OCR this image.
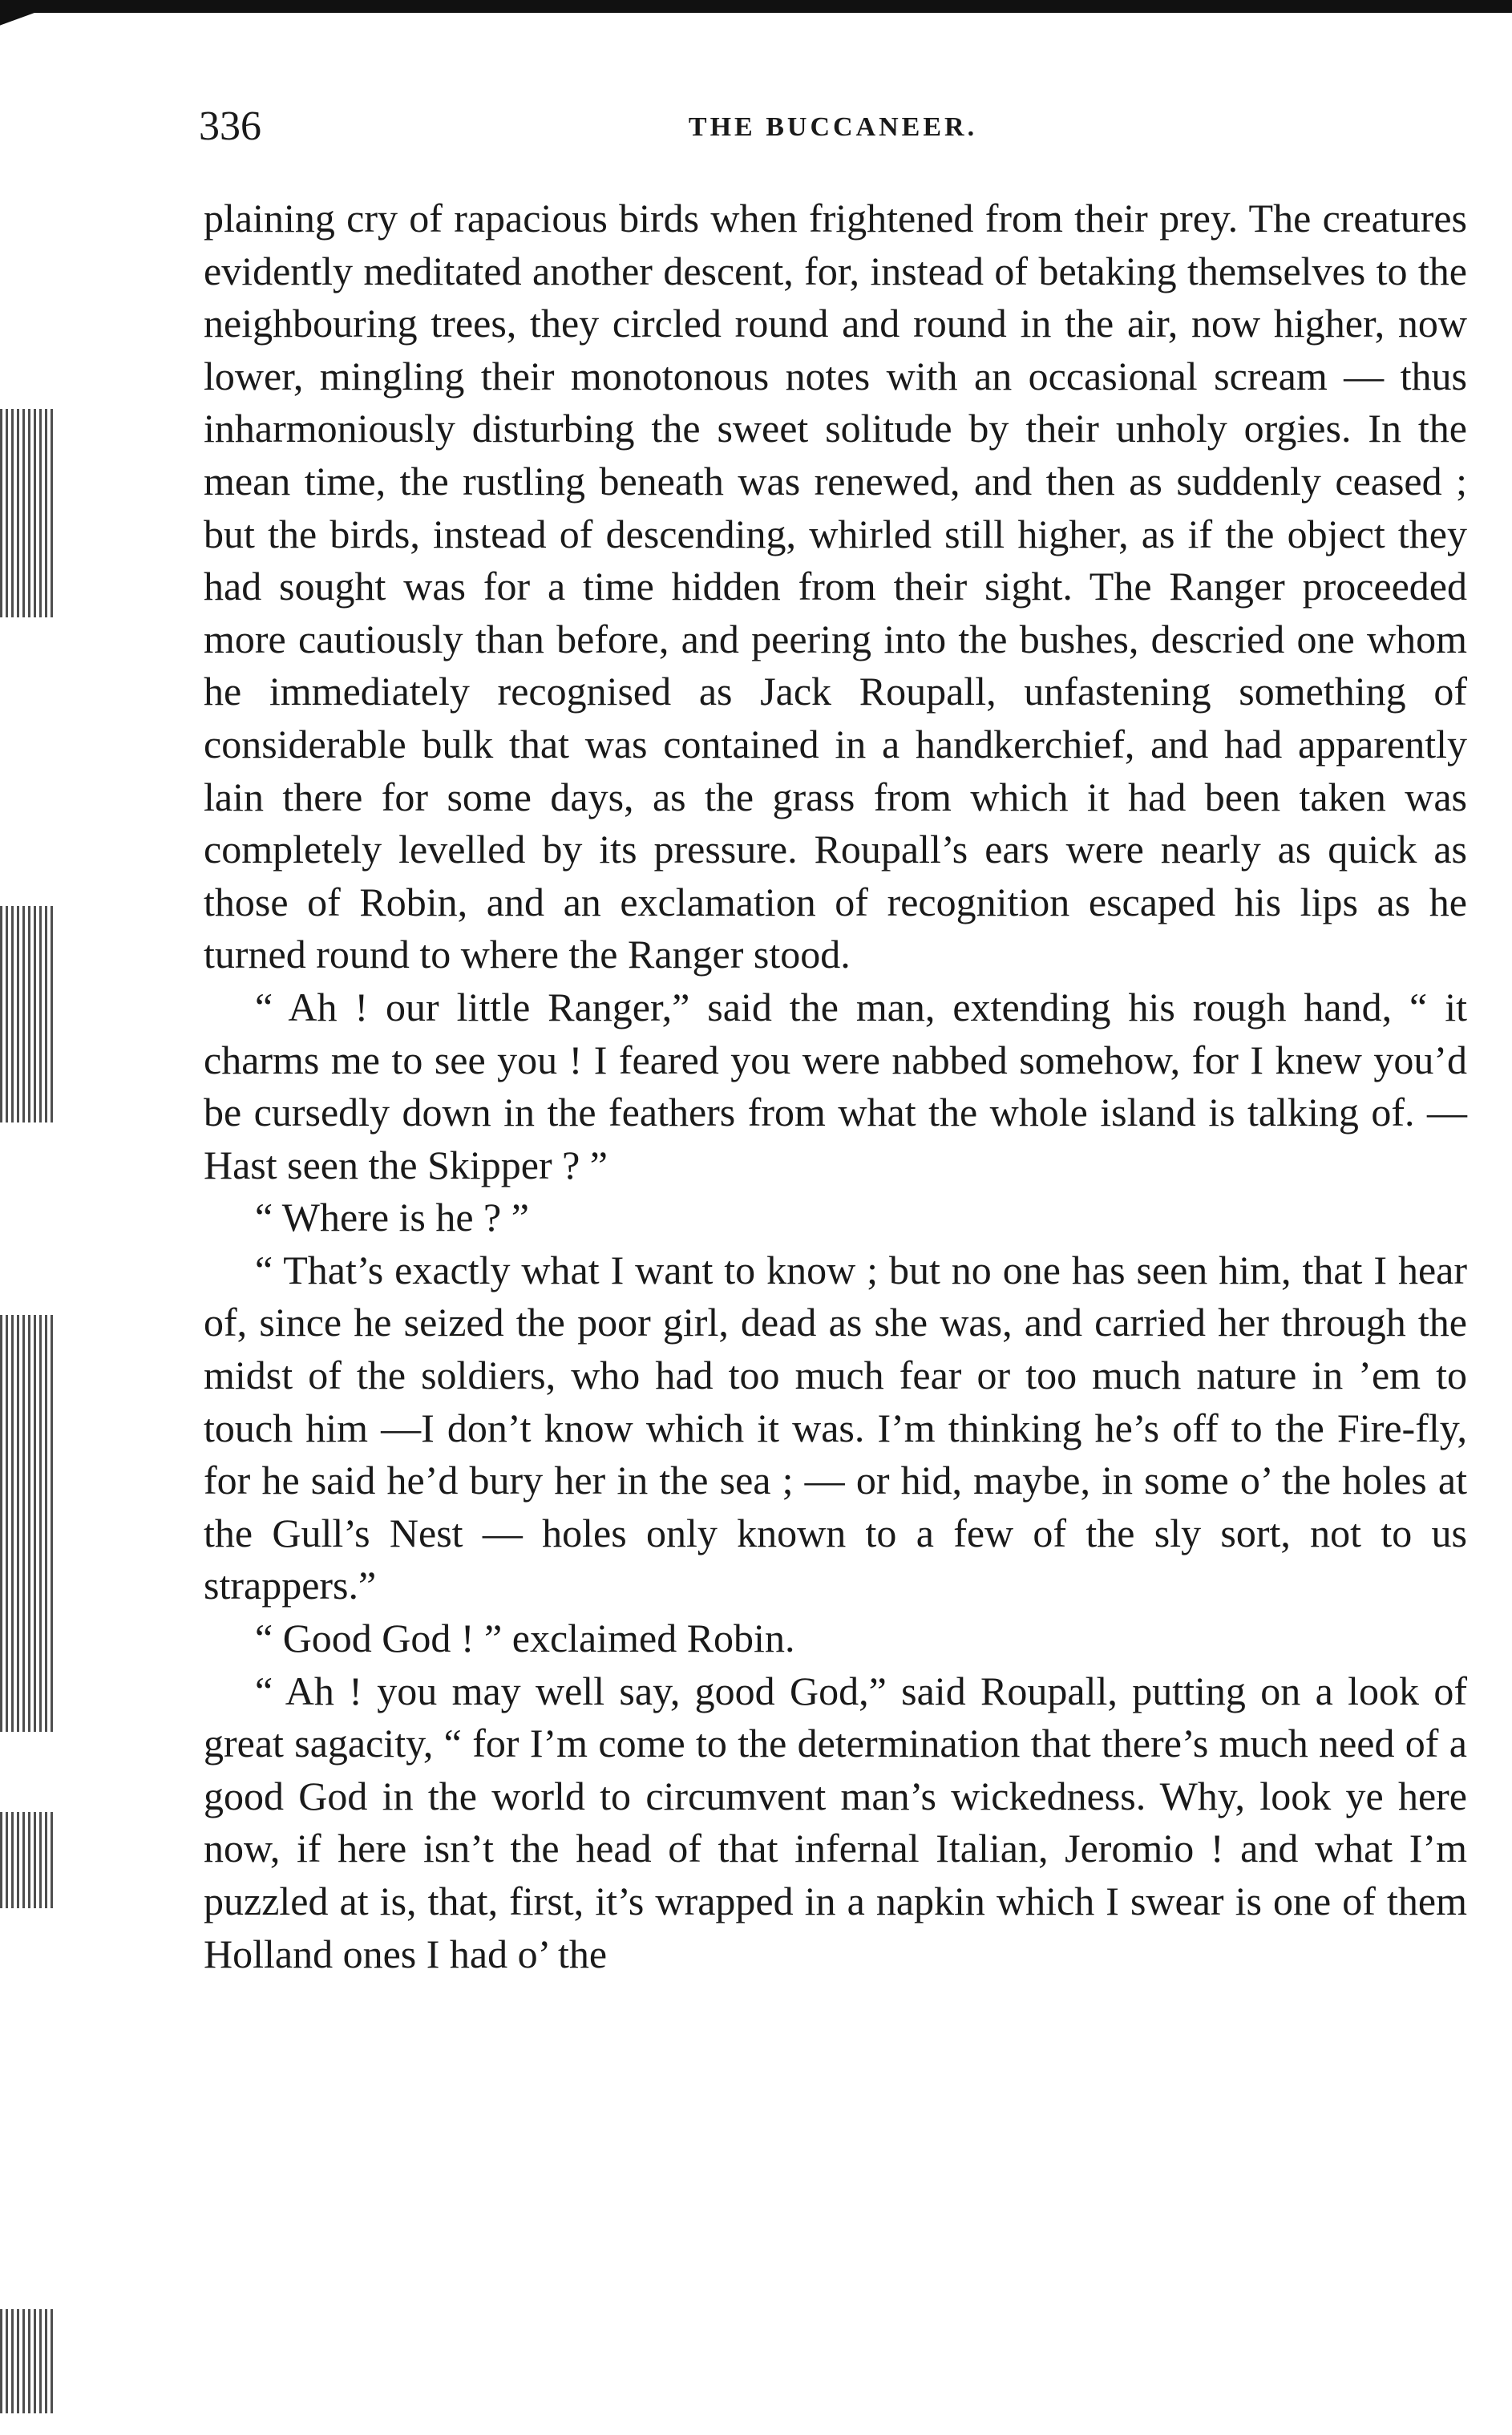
336	THE BUCCANEER.

plaining cry of rapacious birds when frightened from their prey. The creatures evidently meditated another descent, for, instead of betaking themselves to the neighbouring trees, they circled round and round in the air, now higher, now lower, mingling their monotonous notes with an occasional scream — thus inharmoniously disturbing the sweet solitude by their unholy orgies. In the mean time, the rustling beneath was renewed, and then as suddenly ceased ; but the birds, instead of descending, whirled still higher, as if the object they had sought was for a time hidden from their sight. The Ranger proceeded more cautiously than before, and peering into the bushes, descried one whom he immediately recognised as Jack Roupall, unfastening something of considerable bulk that was contained in a handkerchief, and had apparently lain there for some days, as the grass from which it had been taken was completely levelled by its pressure. Roupall’s ears were nearly as quick as those of Robin, and an exclamation of recognition escaped his lips as he turned round to where the Ranger stood.

“ Ah ! our little Ranger,” said the man, extending his rough hand, “ it charms me to see you ! I feared you were nabbed somehow, for I knew you’d be cursedly down in the feathers from what the whole island is talking of. — Hast seen the Skipper ? ”

“ Where is he ? ”

“ That’s exactly what I want to know ; but no one has seen him, that I hear of, since he seized the poor girl, dead as she was, and carried her through the midst of the soldiers, who had too much fear or too much nature in ’em to touch him —I don’t know which it was. I’m thinking he’s off to the Fire-fly, for he said he’d bury her in the sea ; — or hid, maybe, in some o’ the holes at the Gull’s Nest — holes only known to a few of the sly sort, not to us strappers.”

“ Good God ! ” exclaimed Robin.

“ Ah ! you may well say, good God,” said Roupall, putting on a look of great sagacity, “ for I’m come to the determination that there’s much need of a good God in the world to circumvent man’s wickedness. Why, look ye here now, if here isn’t the head of that infernal Italian, Jeromio ! and what I’m puzzled at is, that, first, it’s wrapped in a napkin which I swear is one of them Holland ones I had o’ the
